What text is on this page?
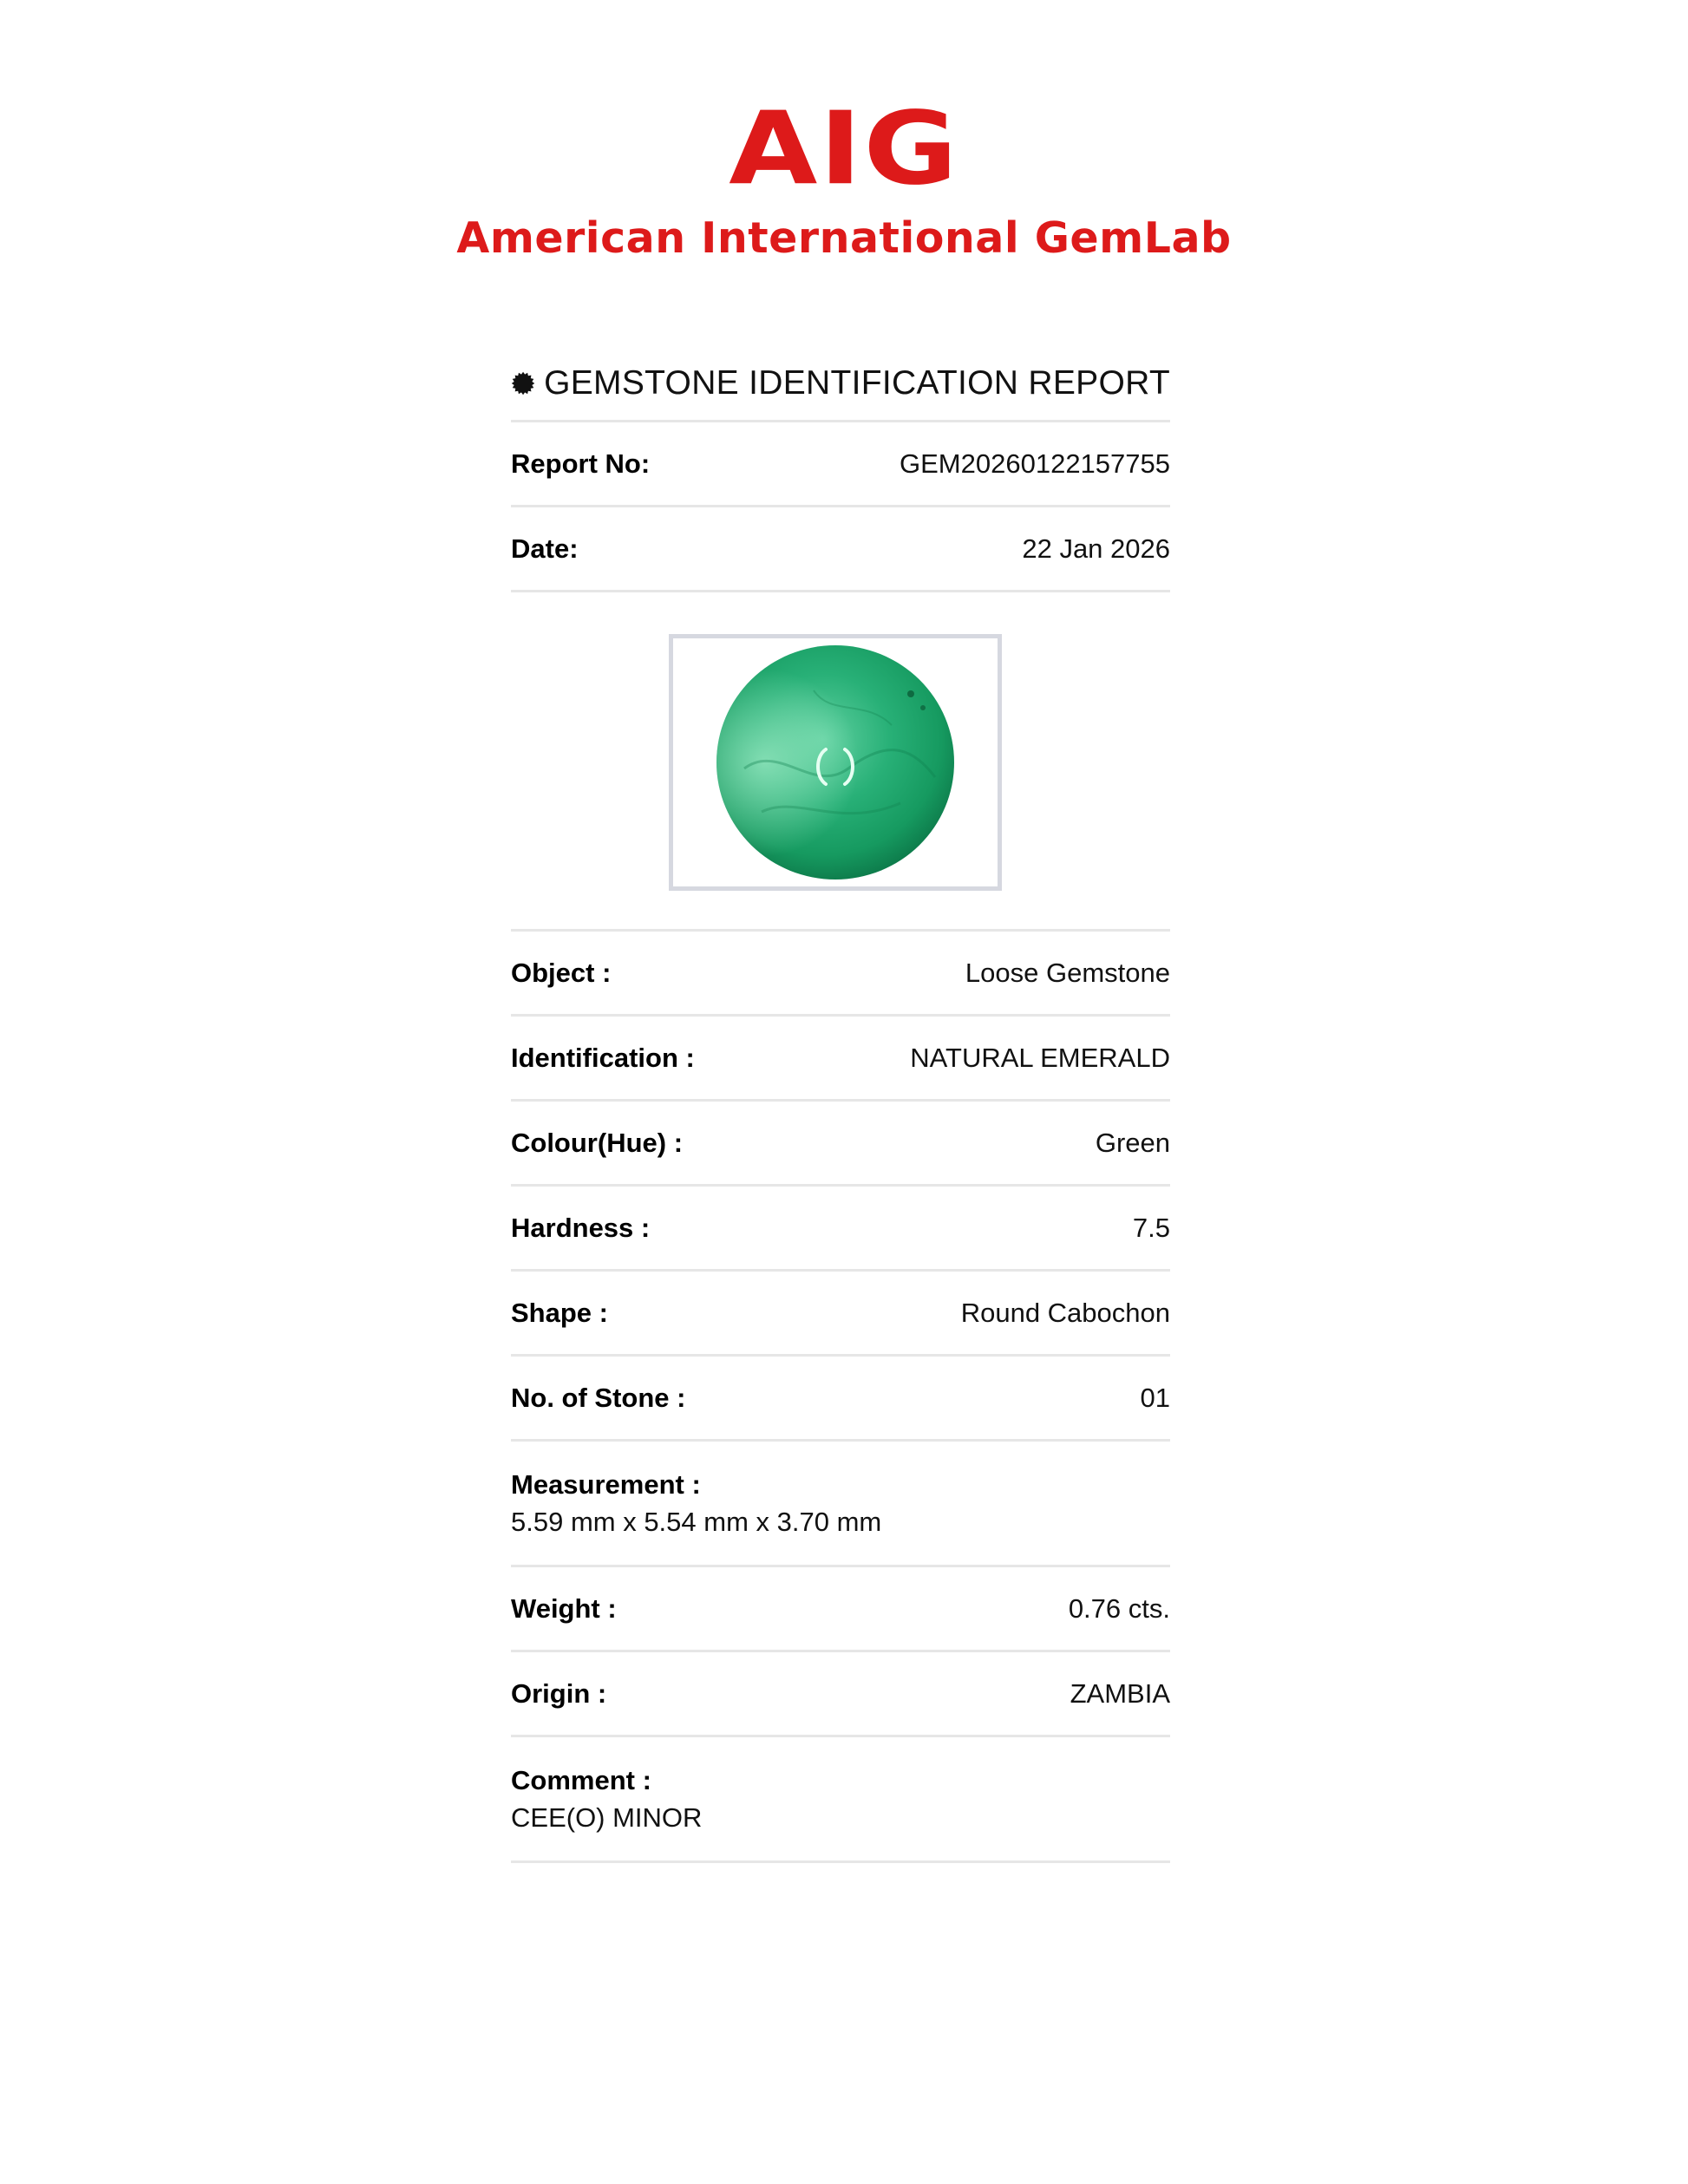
AIG
American International GemLab
GEMSTONE IDENTIFICATION REPORT
Report No:	GEM20260122157755
Date:	22 Jan 2026
Object :	Loose Gemstone
Identification :	NATURAL EMERALD
Colour(Hue) :	Green
Hardness :	7.5
Shape :	Round Cabochon
No. of Stone :	01
Measurement :
5.59 mm x 5.54 mm x 3.70 mm
Weight :	0.76 cts.
Origin :	ZAMBIA
Comment :
CEE(O) MINOR
